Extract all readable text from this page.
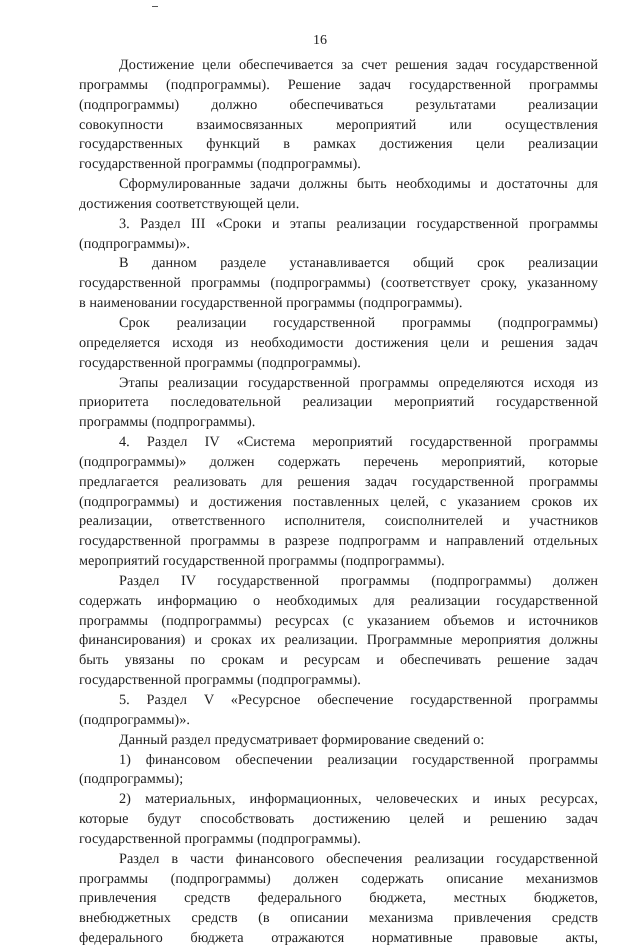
16

Достижение цели обеспечивается за счет решения задач государственной
программы (подпрограммы). Решение задач государственной программы
(подпрограммы) должно обеспечиваться результатами реализации
совокупности взаимосвязанных мероприятий или осуществления
государственных функций в рамках достижения цели реализации
государственной программы (подпрограммы).

Сформулированные задачи должны быть необходимы и достаточны для
достижения соответствующей цели.

3. Раздел III «Сроки и этапы реализации государственной программы
(подпрограммы)».

В данном разделе устанавливается общий срок реализации
государственной программы (подпрограммы) (соответствует сроку, указанному
в наименовании государственной программы (подпрограммы).

Срок реализации государственной программы (подпрограммы)
определяется исходя из необходимости достижения цели и решения задач
государственной программы (подпрограммы).

Этапы реализации государственной программы определяются исходя из
приоритета последовательной реализации мероприятий государственной
программы (подпрограммы).

4. Раздел IV «Система мероприятий государственной программы
(подпрограммы)» должен содержать перечень мероприятий, которые
предлагается реализовать для решения задач государственной программы
(подпрограммы) и достижения поставленных целей, с указанием сроков их
реализации, ответственного исполнителя, соисполнителей и участников
государственной программы в разрезе подпрограмм и направлений отдельных
мероприятий государственной программы (подпрограммы).

Раздел IV государственной программы (подпрограммы) должен
содержать информацию о необходимых для реализации государственной
программы (подпрограммы) ресурсах (с указанием объемов и источников
финансирования) и сроках их реализации. Программные мероприятия должны
быть увязаны по срокам и ресурсам и обеспечивать решение задач
государственной программы (подпрограммы).

5. Раздел V «Ресурсное обеспечение государственной программы
(подпрограммы)».

Данный раздел предусматривает формирование сведений о:

1) финансовом обеспечении реализации государственной программы
(подпрограммы);

2) материальных, информационных, человеческих и иных ресурсах,
которые будут способствовать достижению целей и решению задач
государственной программы (подпрограммы).

Раздел в части финансового обеспечения реализации государственной
программы (подпрограммы) должен содержать описание механизмов
привлечения средств федерального бюджета, местных бюджетов,
внебюджетных средств (в описании механизма привлечения средств
федерального бюджета отражаются нормативные правовые акты,
